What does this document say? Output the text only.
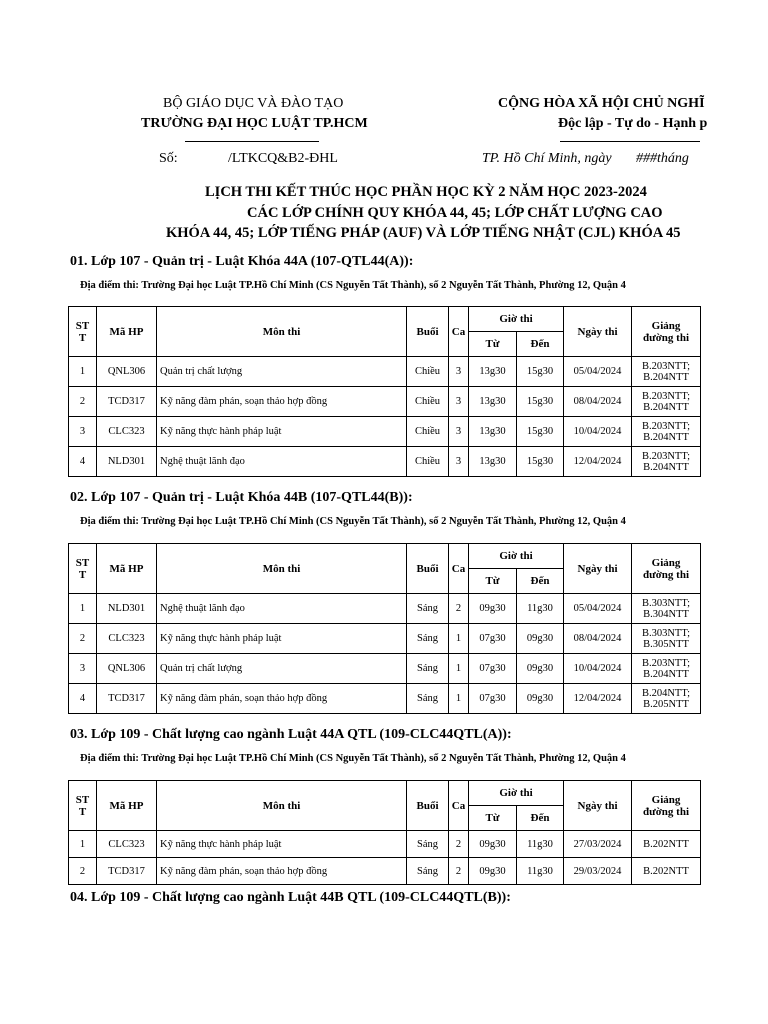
BỘ GIÁO DỤC VÀ ĐÀO TẠO
TRƯỜNG ĐẠI HỌC LUẬT TP.HCM
CỘNG HÒA XÃ HỘI CHỦ NGHĨ
Độc lập - Tự do - Hạnh p
Số:	/LTKCQ&B2-ĐHL	TP. Hồ Chí Minh, ngày ###tháng
LỊCH THI KẾT THÚC HỌC PHẦN HỌC KỲ 2 NĂM HỌC 2023-2024
CÁC LỚP CHÍNH QUY KHÓA 44, 45; LỚP CHẤT LƯỢNG CAO
KHÓA 44, 45; LỚP TIẾNG PHÁP (AUF) VÀ LỚP TIẾNG NHẬT (CJL) KHÓA 45
01. Lớp 107 - Quản trị - Luật Khóa 44A (107-QTL44(A)):
Địa điểm thi: Trường Đại học Luật TP.Hồ Chí Minh (CS Nguyễn Tất Thành), số 2 Nguyễn Tất Thành, Phường 12, Quận 4
ST
T	Mã HP	Môn thi	Buổi	Ca	Giờ thi		Ngày thi	Giảng
đường thi
					Từ	Đến		
1	QNL306	Quản trị chất lượng	Chiều	3	13g30	15g30	05/04/2024	B.203NTT;
B.204NTT
2	TCD317	Kỹ năng đàm phán, soạn thảo hợp đồng	Chiều	3	13g30	15g30	08/04/2024	B.203NTT;
B.204NTT
3	CLC323	Kỹ năng thực hành pháp luật	Chiều	3	13g30	15g30	10/04/2024	B.203NTT;
B.204NTT
4	NLD301	Nghệ thuật lãnh đạo	Chiều	3	13g30	15g30	12/04/2024	B.203NTT;
B.204NTT
02. Lớp 107 - Quản trị - Luật Khóa 44B (107-QTL44(B)):
Địa điểm thi: Trường Đại học Luật TP.Hồ Chí Minh (CS Nguyễn Tất Thành), số 2 Nguyễn Tất Thành, Phường 12, Quận 4
ST
T	Mã HP	Môn thi	Buổi	Ca	Giờ thi		Ngày thi	Giảng
đường thi
					Từ	Đến		
1	NLD301	Nghệ thuật lãnh đạo	Sáng	2	09g30	11g30	05/04/2024	B.303NTT;
B.304NTT
2	CLC323	Kỹ năng thực hành pháp luật	Sáng	1	07g30	09g30	08/04/2024	B.303NTT;
B.305NTT
3	QNL306	Quản trị chất lượng	Sáng	1	07g30	09g30	10/04/2024	B.203NTT;
B.204NTT
4	TCD317	Kỹ năng đàm phán, soạn thảo hợp đồng	Sáng	1	07g30	09g30	12/04/2024	B.204NTT;
B.205NTT
03. Lớp 109 - Chất lượng cao ngành Luật 44A QTL (109-CLC44QTL(A)):
Địa điểm thi: Trường Đại học Luật TP.Hồ Chí Minh (CS Nguyễn Tất Thành), số 2 Nguyễn Tất Thành, Phường 12, Quận 4
ST
T	Mã HP	Môn thi	Buổi	Ca	Giờ thi		Ngày thi	Giảng
đường thi
					Từ	Đến		
1	CLC323	Kỹ năng thực hành pháp luật	Sáng	2	09g30	11g30	27/03/2024	B.202NTT
2	TCD317	Kỹ năng đàm phán, soạn thảo hợp đồng	Sáng	2	09g30	11g30	29/03/2024	B.202NTT
04. Lớp 109 - Chất lượng cao ngành Luật 44B QTL (109-CLC44QTL(B)):
